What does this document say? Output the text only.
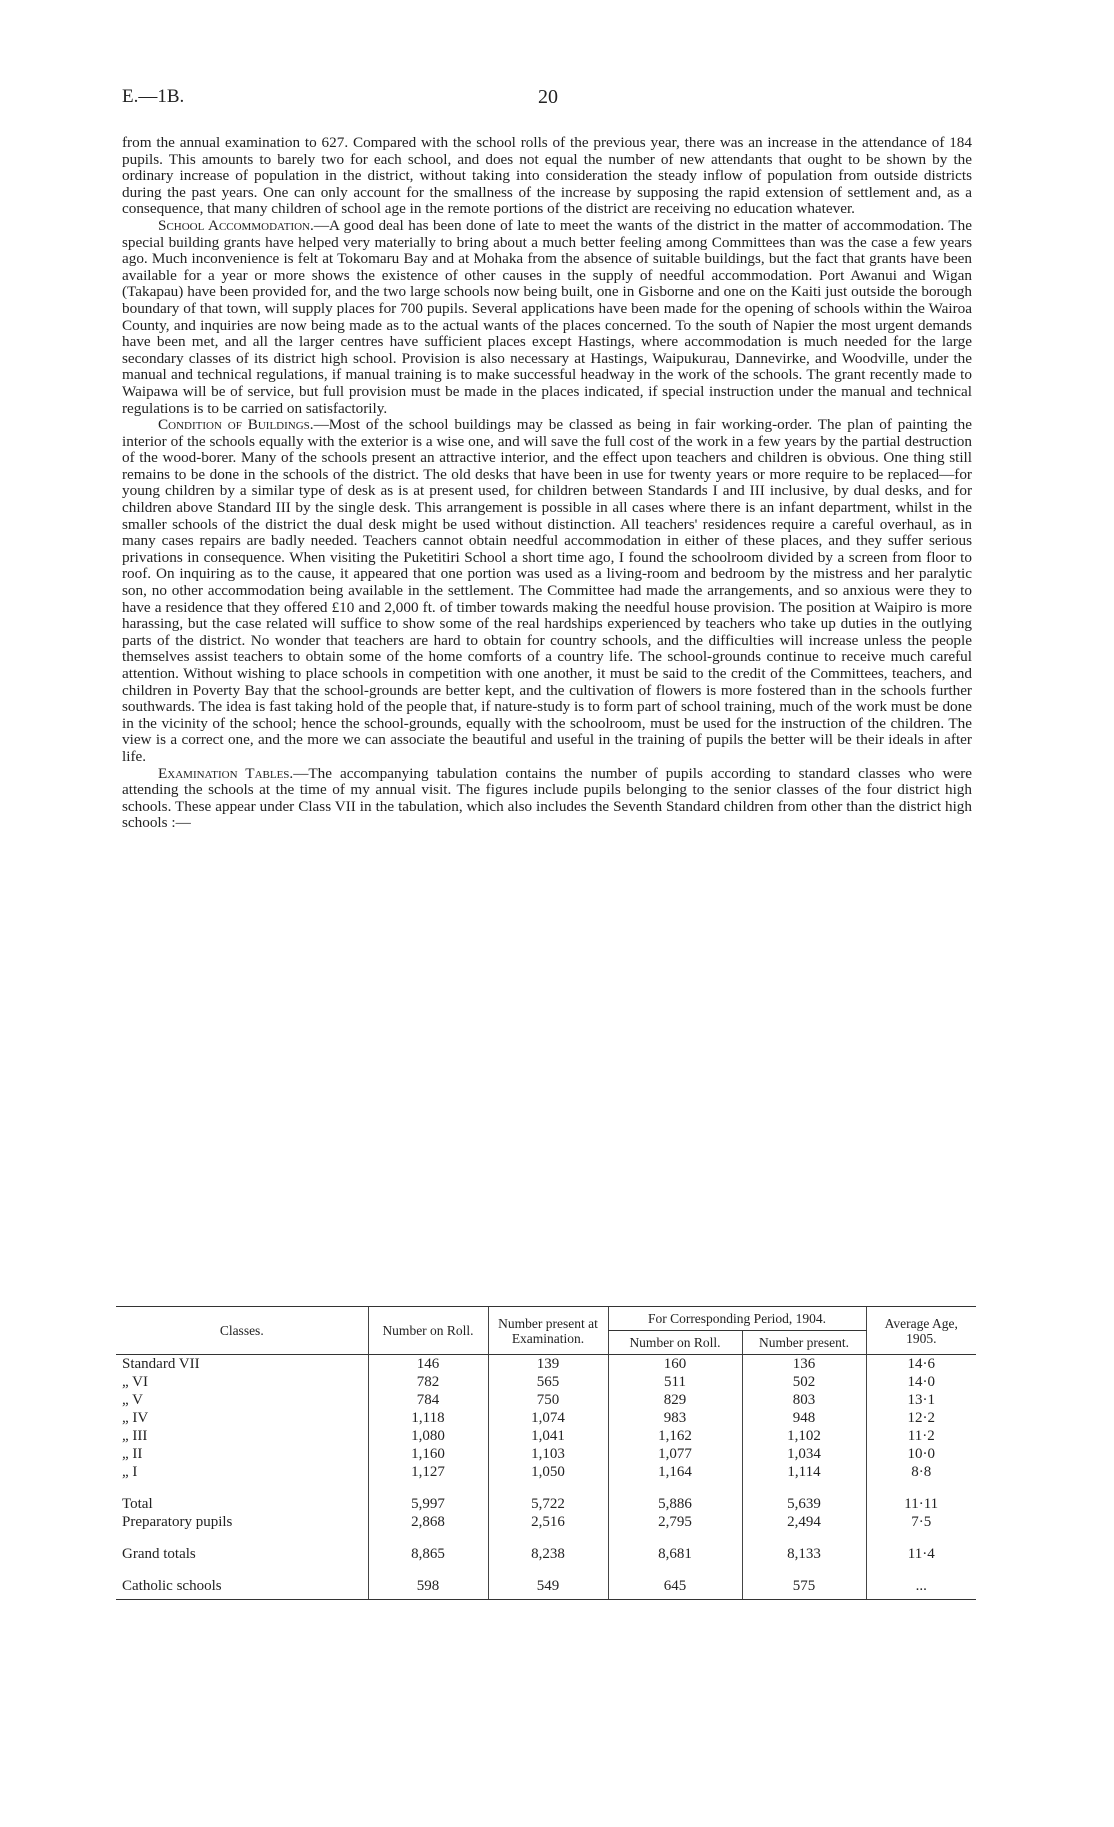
E.—1B.	20

from the annual examination to 627. Compared with the school rolls of the previous year, there was an increase in the attendance of 184 pupils. This amounts to barely two for each school, and does not equal the number of new attendants that ought to be shown by the ordinary increase of population in the district, without taking into consideration the steady inflow of population from outside districts during the past years. One can only account for the smallness of the increase by supposing the rapid extension of settlement and, as a consequence, that many children of school age in the remote portions of the district are receiving no education whatever.

School Accommodation.—A good deal has been done of late to meet the wants of the district in the matter of accommodation. The special building grants have helped very materially to bring about a much better feeling among Committees than was the case a few years ago. Much inconvenience is felt at Tokomaru Bay and at Mohaka from the absence of suitable buildings, but the fact that grants have been available for a year or more shows the existence of other causes in the supply of needful accommodation. Port Awanui and Wigan (Takapau) have been provided for, and the two large schools now being built, one in Gisborne and one on the Kaiti just outside the borough boundary of that town, will supply places for 700 pupils. Several applications have been made for the opening of schools within the Wairoa County, and inquiries are now being made as to the actual wants of the places concerned. To the south of Napier the most urgent demands have been met, and all the larger centres have sufficient places except Hastings, where accommodation is much needed for the large secondary classes of its district high school. Provision is also necessary at Hastings, Waipukurau, Dannevirke, and Woodville, under the manual and technical regulations, if manual training is to make successful headway in the work of the schools. The grant recently made to Waipawa will be of service, but full provision must be made in the places indicated, if special instruction under the manual and technical regulations is to be carried on satisfactorily.

Condition of Buildings.—Most of the school buildings may be classed as being in fair working-order. The plan of painting the interior of the schools equally with the exterior is a wise one, and will save the full cost of the work in a few years by the partial destruction of the wood-borer. Many of the schools present an attractive interior, and the effect upon teachers and children is obvious. One thing still remains to be done in the schools of the district. The old desks that have been in use for twenty years or more require to be replaced—for young children by a similar type of desk as is at present used, for children between Standards I and III inclusive, by dual desks, and for children above Standard III by the single desk. This arrangement is possible in all cases where there is an infant department, whilst in the smaller schools of the district the dual desk might be used without distinction. All teachers' residences require a careful overhaul, as in many cases repairs are badly needed. Teachers cannot obtain needful accommodation in either of these places, and they suffer serious privations in consequence. When visiting the Puketitiri School a short time ago, I found the schoolroom divided by a screen from floor to roof. On inquiring as to the cause, it appeared that one portion was used as a living-room and bedroom by the mistress and her paralytic son, no other accommodation being available in the settlement. The Committee had made the arrangements, and so anxious were they to have a residence that they offered £10 and 2,000 ft. of timber towards making the needful house provision. The position at Waipiro is more harassing, but the case related will suffice to show some of the real hardships experienced by teachers who take up duties in the outlying parts of the district. No wonder that teachers are hard to obtain for country schools, and the difficulties will increase unless the people themselves assist teachers to obtain some of the home comforts of a country life. The school-grounds continue to receive much careful attention. Without wishing to place schools in competition with one another, it must be said to the credit of the Committees, teachers, and children in Poverty Bay that the school-grounds are better kept, and the cultivation of flowers is more fostered than in the schools further southwards. The idea is fast taking hold of the people that, if nature-study is to form part of school training, much of the work must be done in the vicinity of the school; hence the school-grounds, equally with the schoolroom, must be used for the instruction of the children. The view is a correct one, and the more we can associate the beautiful and useful in the training of pupils the better will be their ideals in after life.

Examination Tables.—The accompanying tabulation contains the number of pupils according to standard classes who were attending the schools at the time of my annual visit. The figures include pupils belonging to the senior classes of the four district high schools. These appear under Class VII in the tabulation, which also includes the Seventh Standard children from other than the district high schools :—

Classes.	Number on Roll.	Number present at Examination.	For Corresponding Period, 1904.		Average Age, 1905.
			Number on Roll.	Number present.	
Standard VII	146	139	160	136	14·6
„ VI	782	565	511	502	14·0
„ V	784	750	829	803	13·1
„ IV	1,118	1,074	983	948	12·2
„ III	1,080	1,041	1,162	1,102	11·2
„ II	1,160	1,103	1,077	1,034	10·0
„ I	1,127	1,050	1,164	1,114	8·8

Total	5,997	5,722	5,886	5,639	11·11
Preparatory pupils	2,868	2,516	2,795	2,494	7·5

Grand totals	8,865	8,238	8,681	8,133	11·4

Catholic schools	598	549	645	575	...
